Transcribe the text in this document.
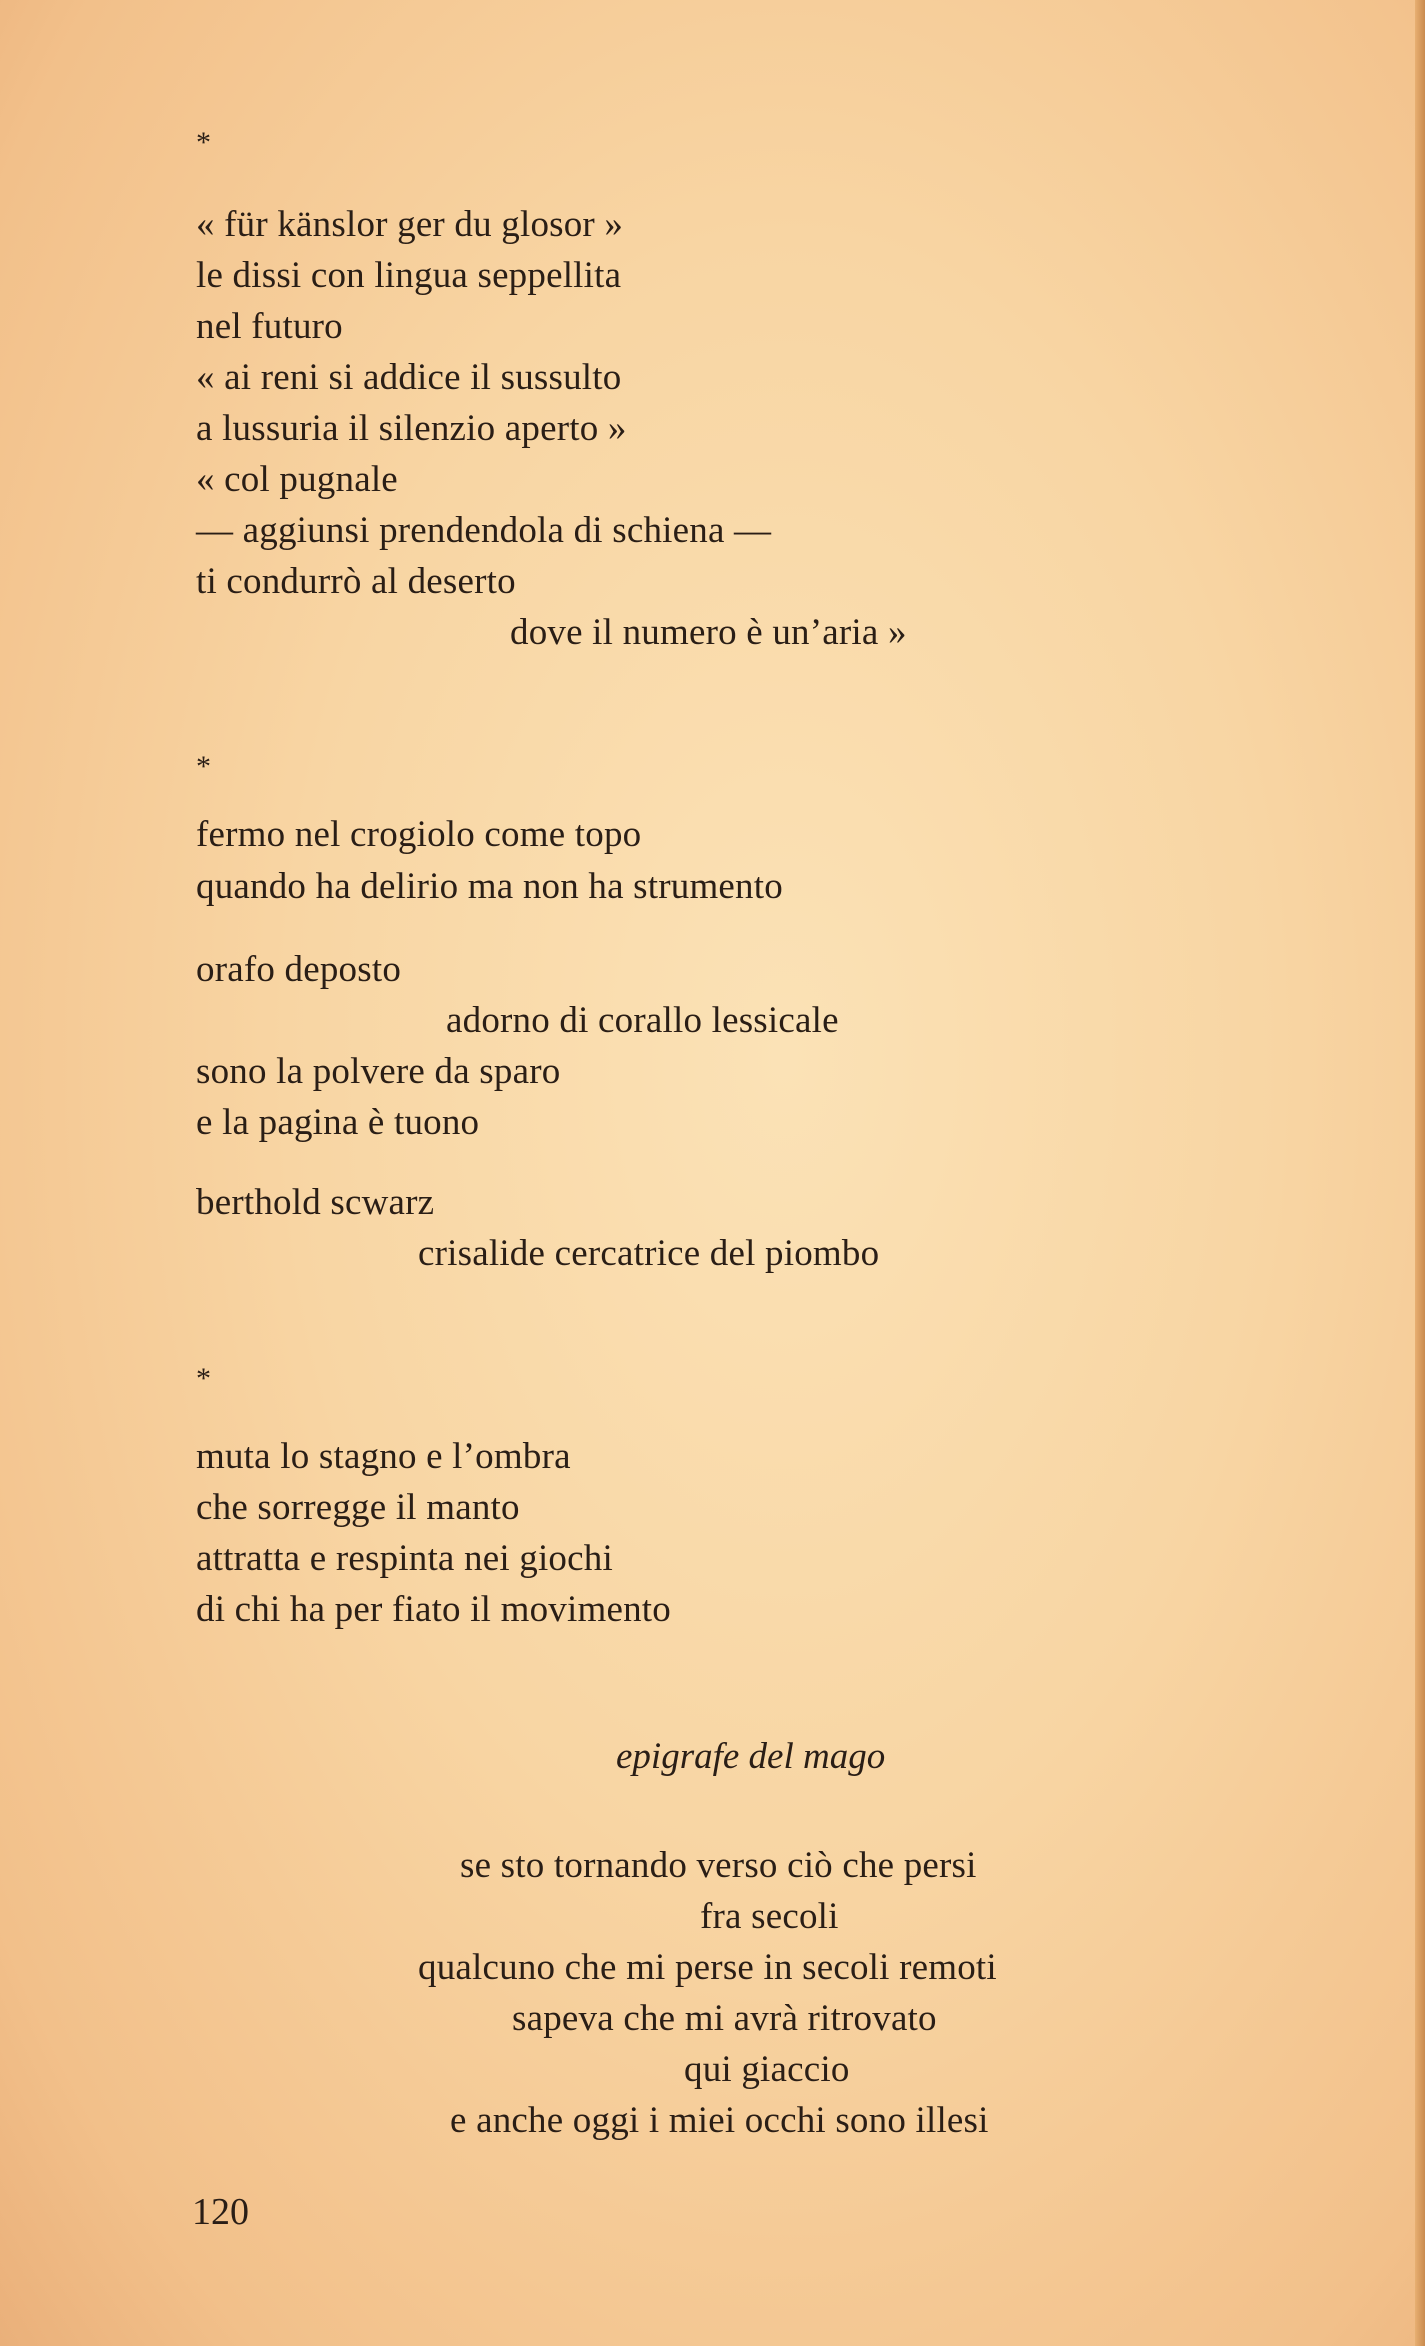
*
« für känslor ger du glosor »
le dissi con lingua seppellita
nel futuro
« ai reni si addice il sussulto
a lussuria il silenzio aperto »
« col pugnale
— aggiunsi prendendola di schiena —
ti condurrò al deserto
dove il numero è un’aria »
*
fermo nel crogiolo come topo
quando ha delirio ma non ha strumento
orafo deposto
adorno di corallo lessicale
sono la polvere da sparo
e la pagina è tuono
berthold scwarz
crisalide cercatrice del piombo
*
muta lo stagno e l’ombra
che sorregge il manto
attratta e respinta nei giochi
di chi ha per fiato il movimento
epigrafe del mago
se sto tornando verso ciò che persi
fra secoli
qualcuno che mi perse in secoli remoti
sapeva che mi avrà ritrovato
qui giaccio
e anche oggi i miei occhi sono illesi
120
